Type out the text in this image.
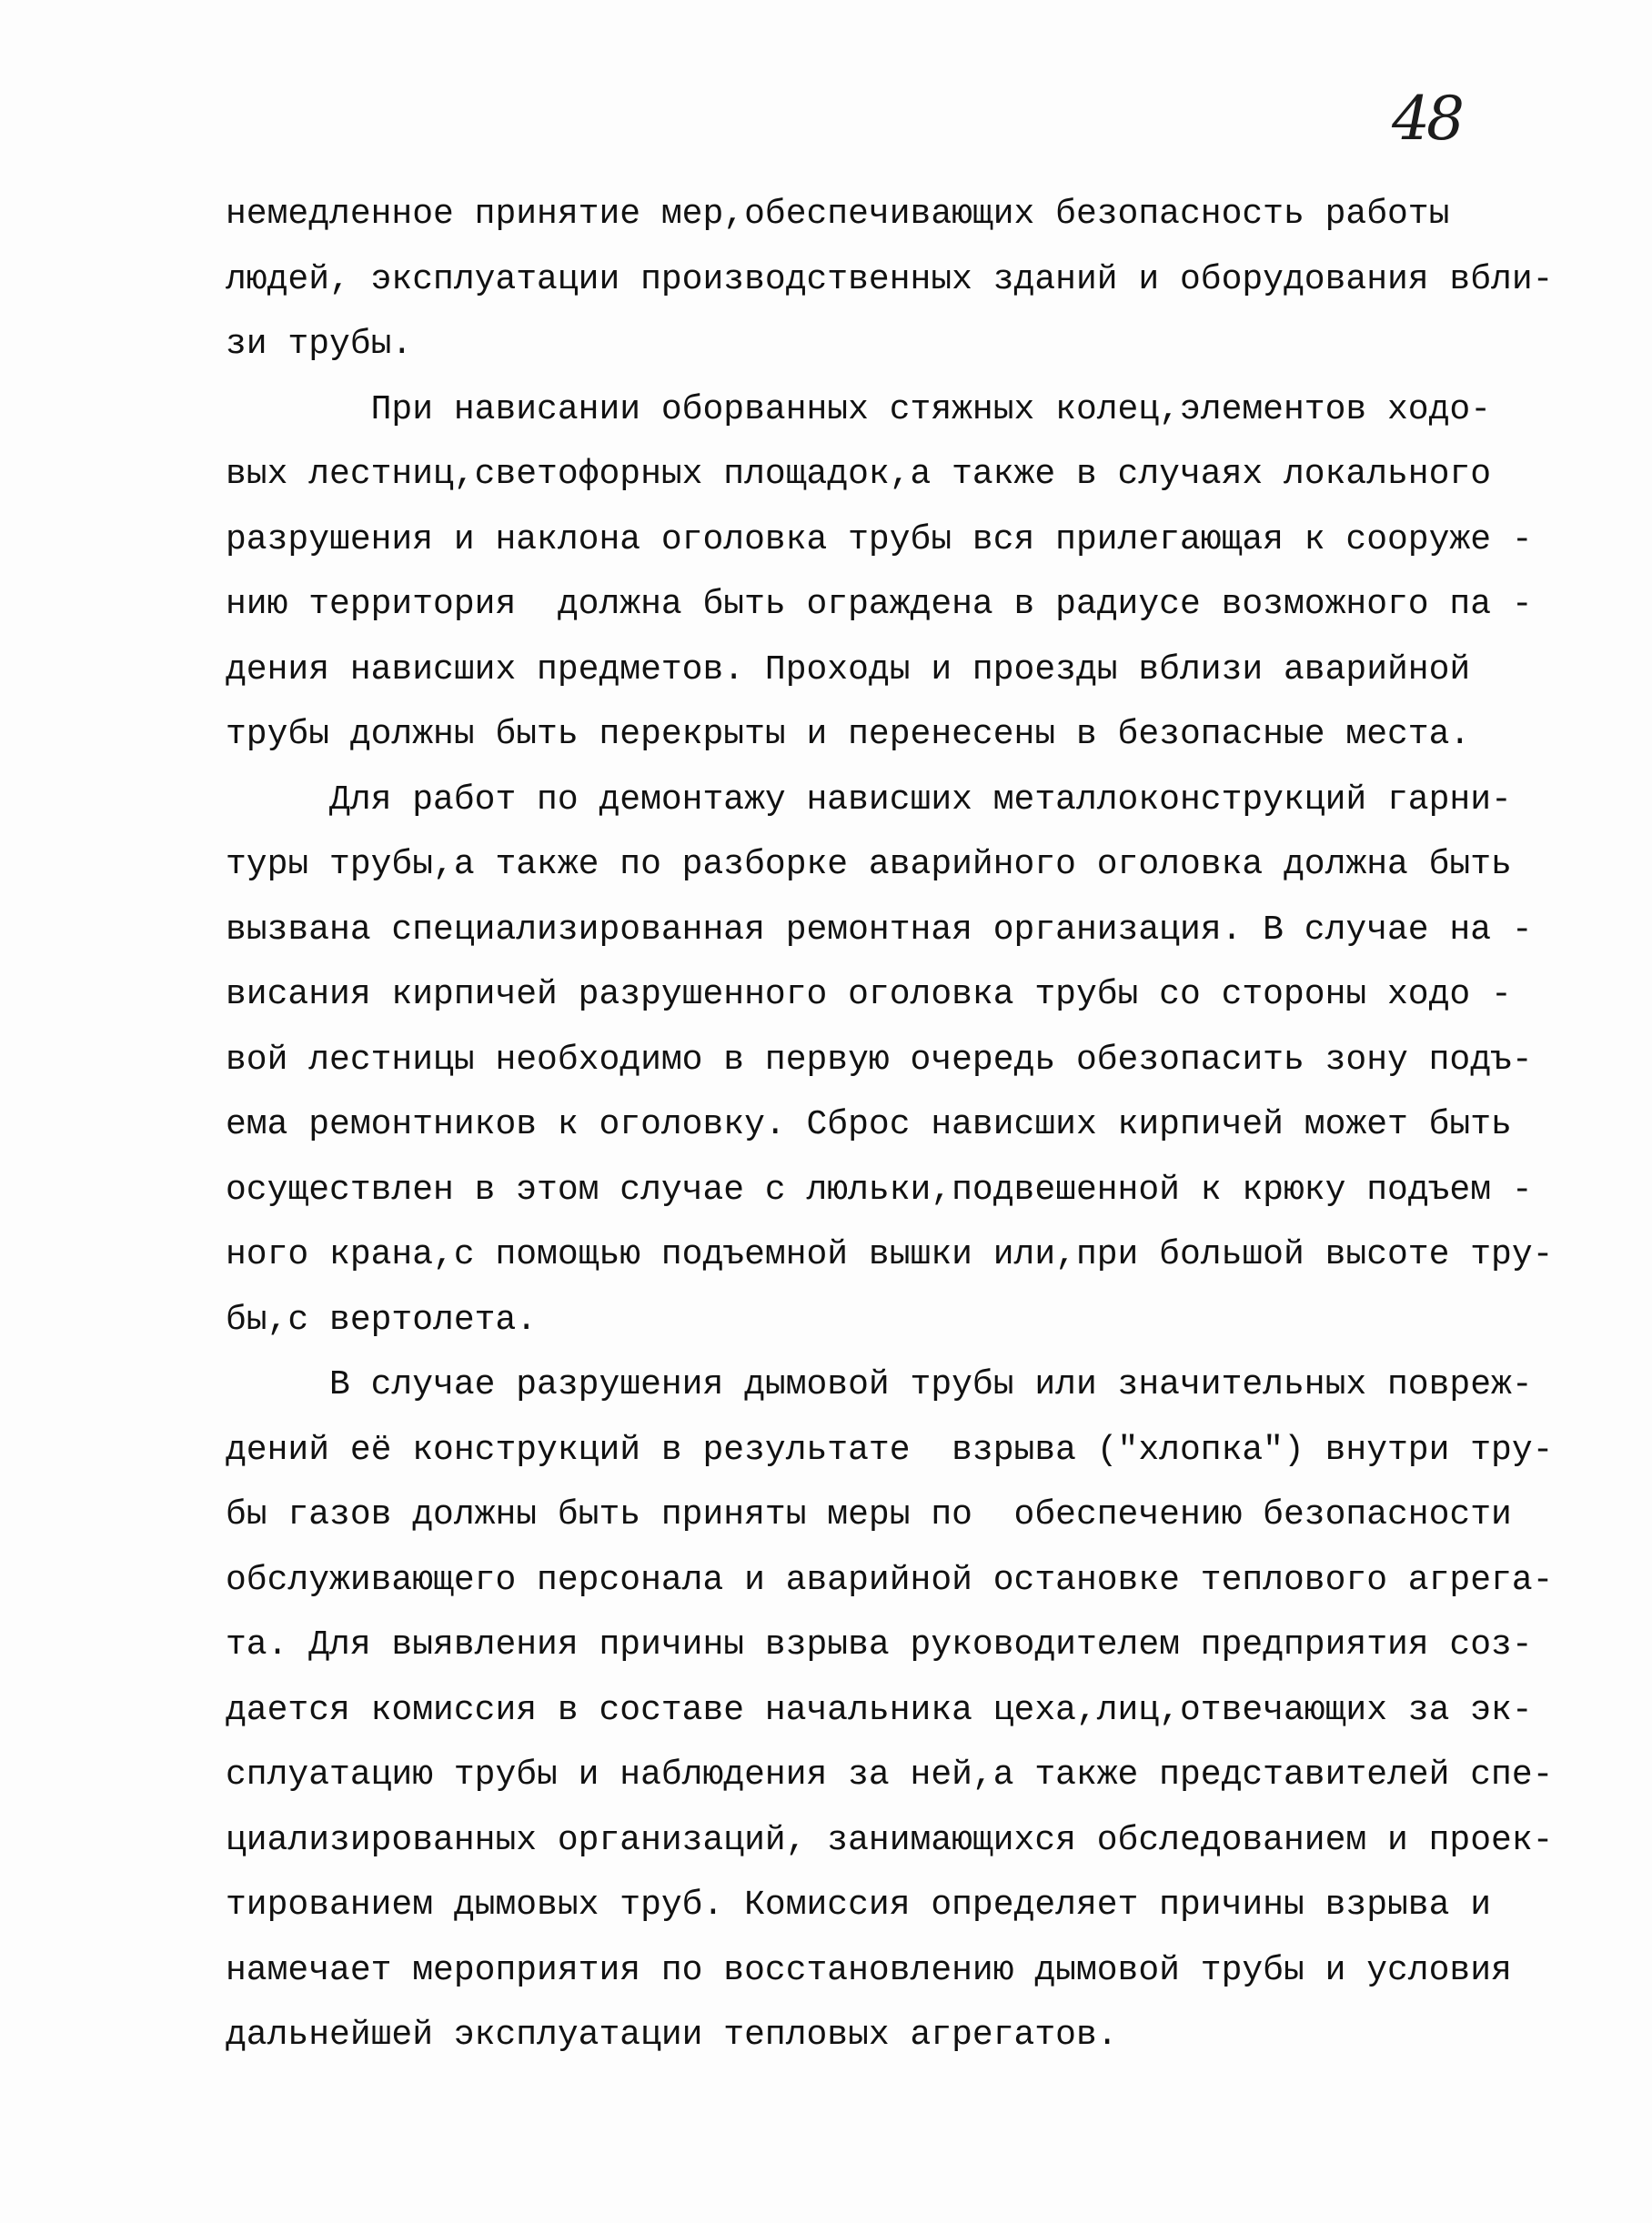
48
немедленное принятие мер,обеспечивающих безопасность работы
людей, эксплуатации производственных зданий и оборудования вбли-
зи трубы.
При нависании оборванных стяжных колец,элементов ходо-
вых лестниц,светофорных площадок,а также в случаях локального
разрушения и наклона оголовка трубы вся прилегающая к сооруже -
нию территория  должна быть ограждена в радиусе возможного па -
дения нависших предметов. Проходы и проезды вблизи аварийной
трубы должны быть перекрыты и перенесены в безопасные места.
Для работ по демонтажу нависших металлоконструкций гарни-
туры трубы,а также по разборке аварийного оголовка должна быть
вызвана специализированная ремонтная организация. В случае на -
висания кирпичей разрушенного оголовка трубы со стороны ходо -
вой лестницы необходимо в первую очередь обезопасить зону подъ-
ема ремонтников к оголовку. Сброс нависших кирпичей может быть
осуществлен в этом случае с люльки,подвешенной к крюку подъем -
ного крана,с помощью подъемной вышки или,при большой высоте тру-
бы,с вертолета.
В случае разрушения дымовой трубы или значительных повреж-
дений её конструкций в результате  взрыва ("хлопка") внутри тру-
бы газов должны быть приняты меры по  обеспечению безопасности
обслуживающего персонала и аварийной остановке теплового агрега-
та. Для выявления причины взрыва руководителем предприятия соз-
дается комиссия в составе начальника цеха,лиц,отвечающих за эк-
сплуатацию трубы и наблюдения за ней,а также представителей спе-
циализированных организаций, занимающихся обследованием и проек-
тированием дымовых труб. Комиссия определяет причины взрыва и
намечает мероприятия по восстановлению дымовой трубы и условия
дальнейшей эксплуатации тепловых агрегатов.
